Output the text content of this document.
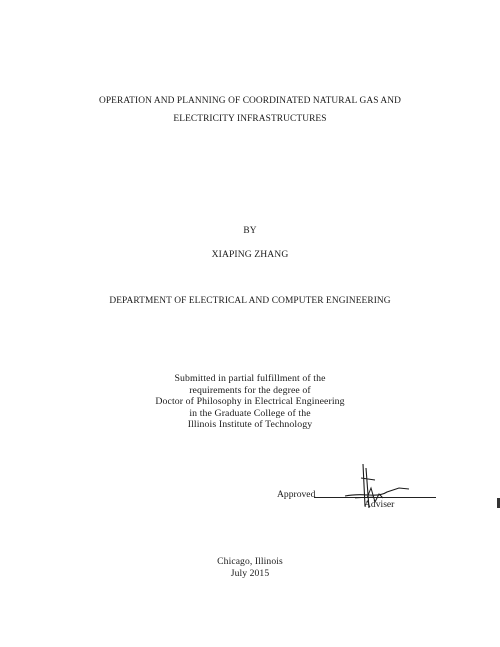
OPERATION AND PLANNING OF COORDINATED NATURAL GAS AND
ELECTRICITY INFRASTRUCTURES
BY
XIAPING ZHANG
DEPARTMENT OF ELECTRICAL AND COMPUTER ENGINEERING
Submitted in partial fulfillment of the
requirements for the degree of
Doctor of Philosophy in Electrical Engineering
in the Graduate College of the
Illinois Institute of Technology
Approved
Adviser
Chicago, Illinois
July 2015
